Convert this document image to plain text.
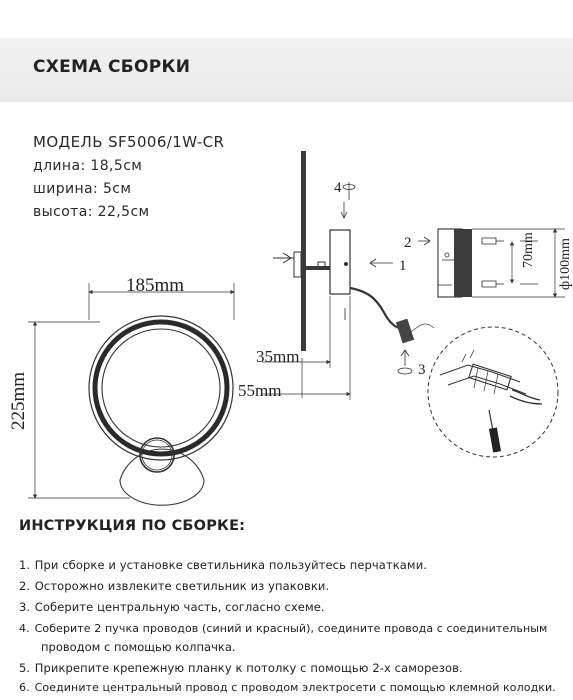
СХЕМА СБОРКИ
МОДЕЛЬ SF5006/1W-CR
длина: 18,5см
ширина: 5см
высота: 22,5см
185mm
225mm
35mm
55mm
4
1
3
2	70mm ф100mm
ИНСТРУКЦИЯ ПО СБОРКЕ:
1. При сборке и установке светильника пользуйтесь перчатками.
2. Осторожно извлеките светильник из упаковки.
3. Соберите центральную часть, согласно схеме.
4. Соберите 2 пучка проводов (синий и красный), соедините провода с соединительным
проводом с помощью колпачка.
5. Прикрепите крепежную планку к потолку с помощью 2-х саморезов.
6. Соедините центральный провод с проводом электросети с помощью клемной колодки.
